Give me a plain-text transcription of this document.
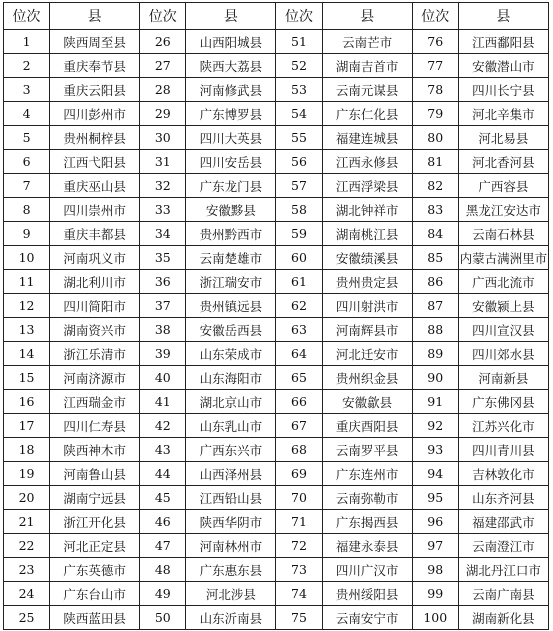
位次	县	位次	县	位次	县	位次	县
1	陕西周至县	26	山西阳城县	51	云南芒市	76	江西鄱阳县
2	重庆奉节县	27	陕西大荔县	52	湖南吉首市	77	安徽潜山市
3	重庆云阳县	28	河南修武县	53	云南元谋县	78	四川长宁县
4	四川彭州市	29	广东博罗县	54	广东仁化县	79	河北辛集市
5	贵州桐梓县	30	四川大英县	55	福建连城县	80	河北易县
6	江西弋阳县	31	四川安岳县	56	江西永修县	81	河北香河县
7	重庆巫山县	32	广东龙门县	57	江西浮梁县	82	广西容县
8	四川崇州市	33	安徽黟县	58	湖北钟祥市	83	黑龙江安达市
9	重庆丰都县	34	贵州黔西市	59	湖南桃江县	84	云南石林县
10	河南巩义市	35	云南楚雄市	60	安徽绩溪县	85	内蒙古满洲里市
11	湖北利川市	36	浙江瑞安市	61	贵州贵定县	86	广西北流市
12	四川简阳市	37	贵州镇远县	62	四川射洪市	87	安徽颍上县
13	湖南资兴市	38	安徽岳西县	63	河南辉县市	88	四川宣汉县
14	浙江乐清市	39	山东荣成市	64	河北迁安市	89	四川郊水县
15	河南济源市	40	山东海阳市	65	贵州织金县	90	河南新县
16	江西瑞金市	41	湖北京山市	66	安徽歙县	91	广东佛冈县
17	四川仁寿县	42	山东乳山市	67	重庆酉阳县	92	江苏兴化市
18	陕西神木市	43	广西东兴市	68	云南罗平县	93	四川青川县
19	河南鲁山县	44	山西泽州县	69	广东连州市	94	吉林敦化市
20	湖南宁远县	45	江西铅山县	70	云南弥勒市	95	山东齐河县
21	浙江开化县	46	陕西华阴市	71	广东揭西县	96	福建邵武市
22	河北正定县	47	河南林州市	72	福建永泰县	97	云南澄江市
23	广东英德市	48	广东惠东县	73	四川广汉市	98	湖北丹江口市
24	广东台山市	49	河北涉县	74	贵州绥阳县	99	云南广南县
25	陕西蓝田县	50	山东沂南县	75	云南安宁市	100	湖南新化县
